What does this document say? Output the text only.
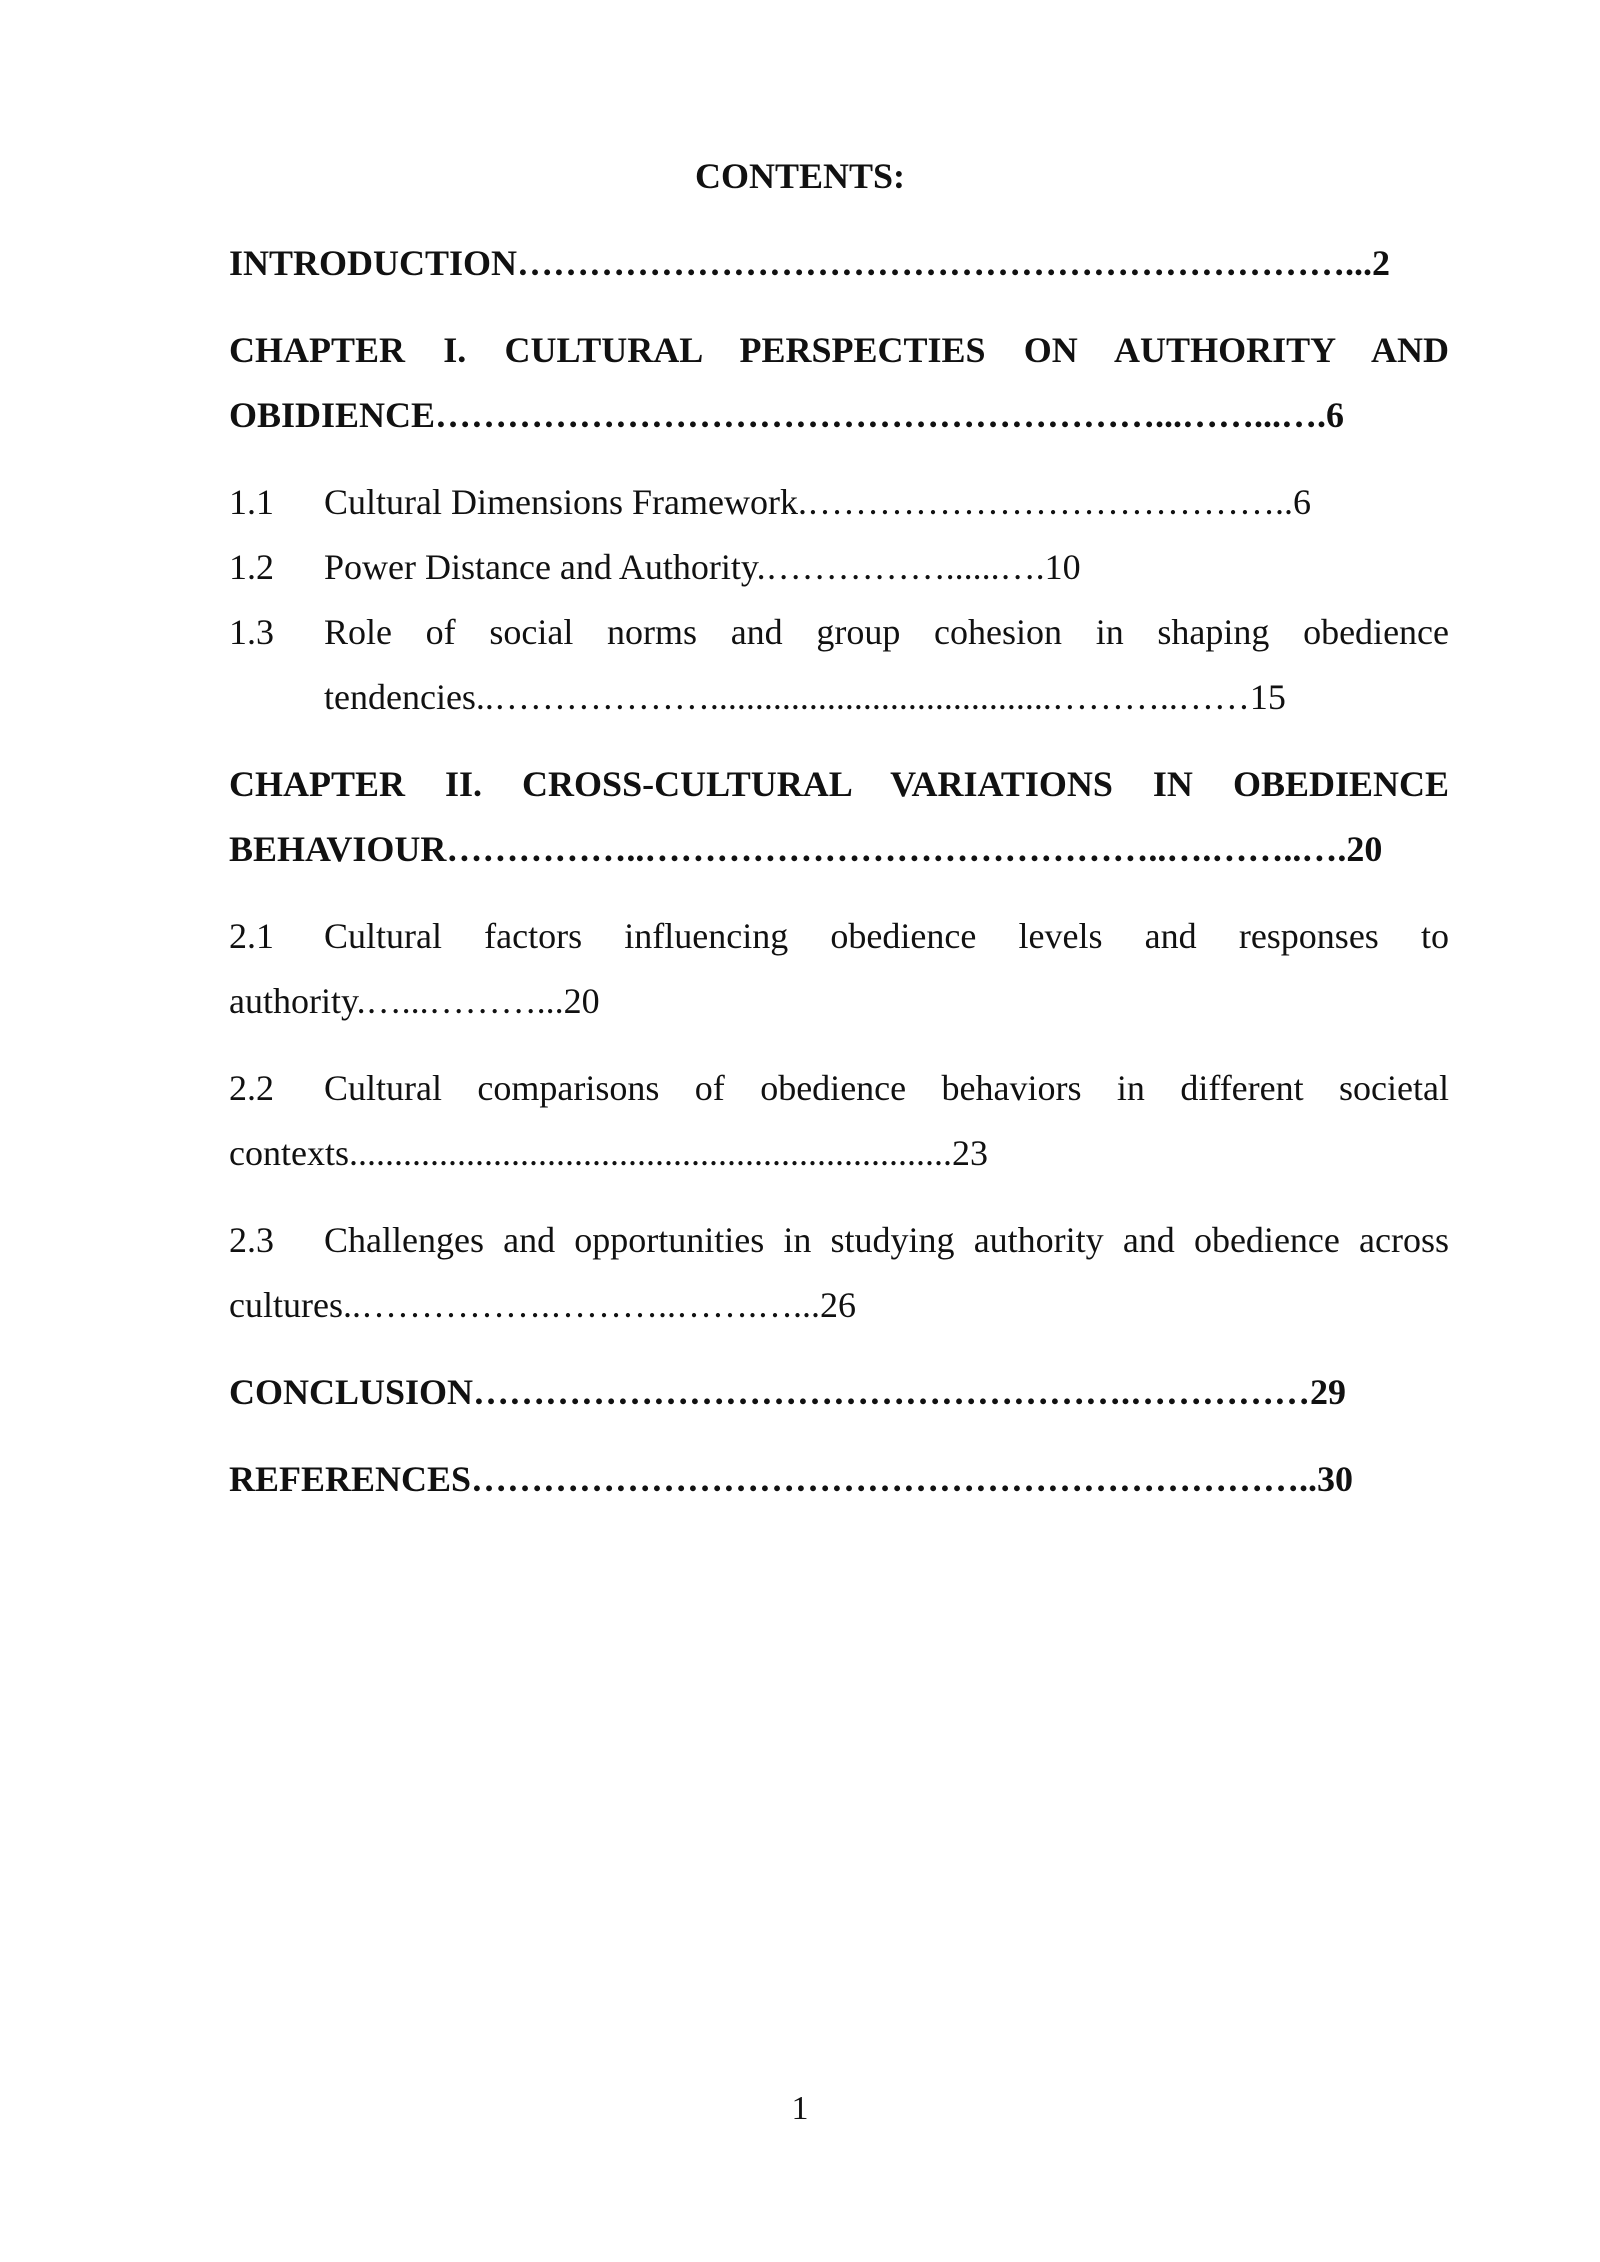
CONTENTS:
INTRODUCTION……………………………………………………………...2
CHAPTER I. CULTURAL PERSPECTIES ON AUTHORITY AND
OBIDIENCE……………………………………………………...……...….6
1.1 Cultural Dimensions Framework.…………………………………..6
1.2 Power Distance and Authority.……………......….10
1.3	Role of social norms and group cohesion in shaping obedience
tendencies..………………......................................………..……15
CHAPTER II. CROSS-CULTURAL VARIATIONS IN OBEDIENCE
BEHAVIOUR……………..……………………………………..….……..….20
2.1	Cultural factors influencing obedience levels and responses to
authority.…...………...20
2.2	Cultural comparisons of obedience behaviors in different societal
contexts...................................................................23
2.3	Challenges and opportunities in studying authority and obedience across
cultures..…………….………..…….…...26
CONCLUSION……………………………………………….……………29
REFERENCES……………………………………………………………..30
1
